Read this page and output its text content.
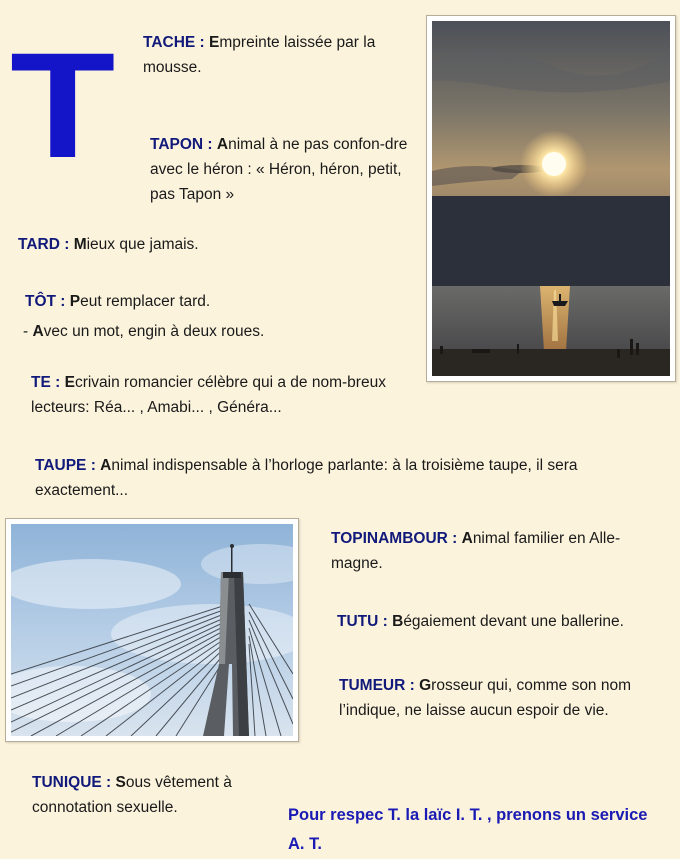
T TACHE : Empreinte laissée par la mousse.
TAPON : Animal à ne pas confon-dre avec le héron : « Héron, héron, petit, pas Tapon »
TARD : Mieux que jamais.
TÔT : Peut remplacer tard.
- Avec un mot, engin à deux roues.
TE : Ecrivain romancier célèbre qui a de nom-breux lecteurs: Réa... , Amabi... , Généra...
TAUPE : Animal indispensable à l’horloge parlante: à la troisième taupe, il sera exactement...
TOPINAMBOUR : Animal familier en Alle-magne.
TUTU : Bégaiement devant une ballerine.
TUMEUR : Grosseur qui, comme son nom l’indique, ne laisse aucun espoir de vie.
TUNIQUE : Sous vêtement à connotation sexuelle.	Pour respec T. la laïc I. T. , prenons un service A. T.
